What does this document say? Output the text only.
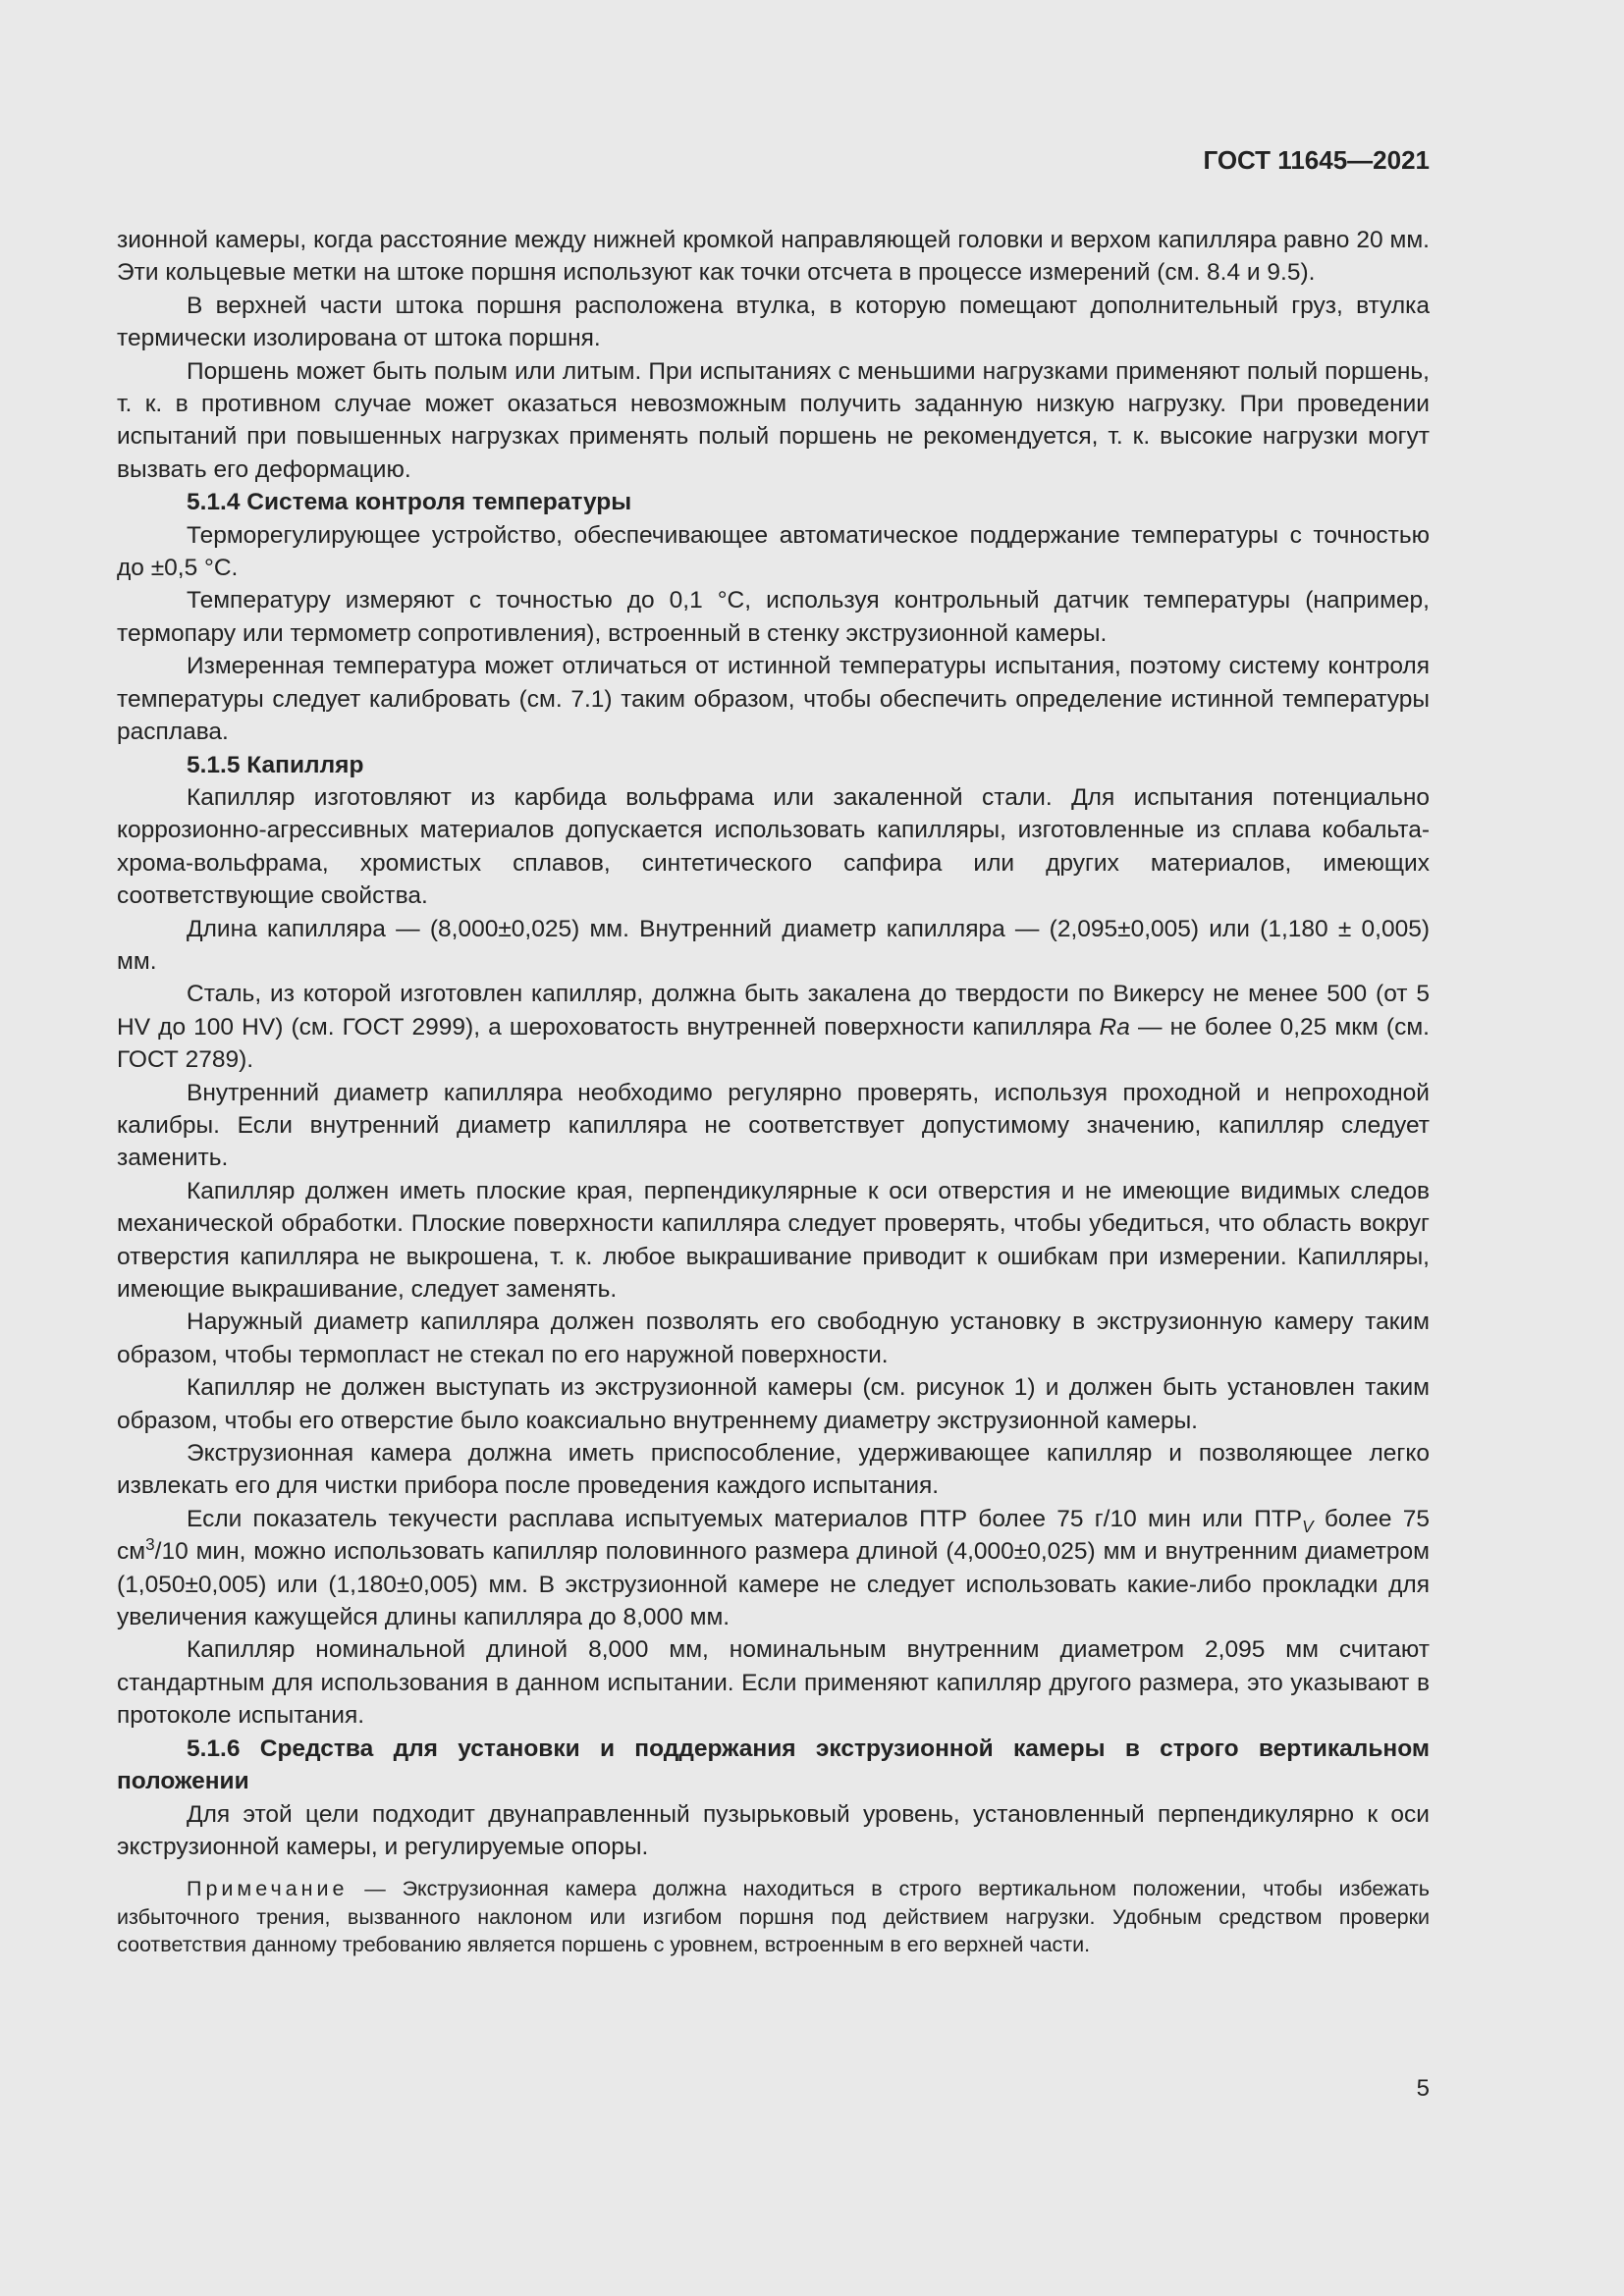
ГОСТ 11645—2021

зионной камеры, когда расстояние между нижней кромкой направляющей головки и верхом капилляра равно 20 мм. Эти кольцевые метки на штоке поршня используют как точки отсчета в процессе измерений (см. 8.4 и 9.5).

В верхней части штока поршня расположена втулка, в которую помещают дополнительный груз, втулка термически изолирована от штока поршня.

Поршень может быть полым или литым. При испытаниях с меньшими нагрузками применяют полый поршень, т. к. в противном случае может оказаться невозможным получить заданную низкую нагрузку. При проведении испытаний при повышенных нагрузках применять полый поршень не рекомендуется, т. к. высокие нагрузки могут вызвать его деформацию.

5.1.4 Система контроля температуры

Терморегулирующее устройство, обеспечивающее автоматическое поддержание температуры с точностью до ±0,5 °С.

Температуру измеряют с точностью до 0,1 °С, используя контрольный датчик температуры (например, термопару или термометр сопротивления), встроенный в стенку экструзионной камеры.

Измеренная температура может отличаться от истинной температуры испытания, поэтому систему контроля температуры следует калибровать (см. 7.1) таким образом, чтобы обеспечить определение истинной температуры расплава.

5.1.5 Капилляр

Капилляр изготовляют из карбида вольфрама или закаленной стали. Для испытания потенциально коррозионно-агрессивных материалов допускается использовать капилляры, изготовленные из сплава кобальта-хрома-вольфрама, хромистых сплавов, синтетического сапфира или других материалов, имеющих соответствующие свойства.

Длина капилляра — (8,000±0,025) мм. Внутренний диаметр капилляра — (2,095±0,005) или (1,180 ± 0,005) мм.

Сталь, из которой изготовлен капилляр, должна быть закалена до твердости по Викерсу не менее 500 (от 5 HV до 100 HV) (см. ГОСТ 2999), а шероховатость внутренней поверхности капилляра Ra — не более 0,25 мкм (см. ГОСТ 2789).

Внутренний диаметр капилляра необходимо регулярно проверять, используя проходной и непроходной калибры. Если внутренний диаметр капилляра не соответствует допустимому значению, капилляр следует заменить.

Капилляр должен иметь плоские края, перпендикулярные к оси отверстия и не имеющие видимых следов механической обработки. Плоские поверхности капилляра следует проверять, чтобы убедиться, что область вокруг отверстия капилляра не выкрошена, т. к. любое выкрашивание приводит к ошибкам при измерении. Капилляры, имеющие выкрашивание, следует заменять.

Наружный диаметр капилляра должен позволять его свободную установку в экструзионную камеру таким образом, чтобы термопласт не стекал по его наружной поверхности.

Капилляр не должен выступать из экструзионной камеры (см. рисунок 1) и должен быть установлен таким образом, чтобы его отверстие было коаксиально внутреннему диаметру экструзионной камеры.

Экструзионная камера должна иметь приспособление, удерживающее капилляр и позволяющее легко извлекать его для чистки прибора после проведения каждого испытания.

Если показатель текучести расплава испытуемых материалов ПТР более 75 г/10 мин или $ПТР_V$ более 75 $см^3/10$ мин, можно использовать капилляр половинного размера длиной (4,000±0,025) мм и внутренним диаметром (1,050±0,005) или (1,180±0,005) мм. В экструзионной камере не следует использовать какие-либо прокладки для увеличения кажущейся длины капилляра до 8,000 мм.

Капилляр номинальной длиной 8,000 мм, номинальным внутренним диаметром 2,095 мм считают стандартным для использования в данном испытании. Если применяют капилляр другого размера, это указывают в протоколе испытания.

5.1.6 Средства для установки и поддержания экструзионной камеры в строго вертикальном положении

Для этой цели подходит двунаправленный пузырьковый уровень, установленный перпендикулярно к оси экструзионной камеры, и регулируемые опоры.

Примечание — Экструзионная камера должна находиться в строго вертикальном положении, чтобы избежать избыточного трения, вызванного наклоном или изгибом поршня под действием нагрузки. Удобным средством проверки соответствия данному требованию является поршень с уровнем, встроенным в его верхней части.

5
